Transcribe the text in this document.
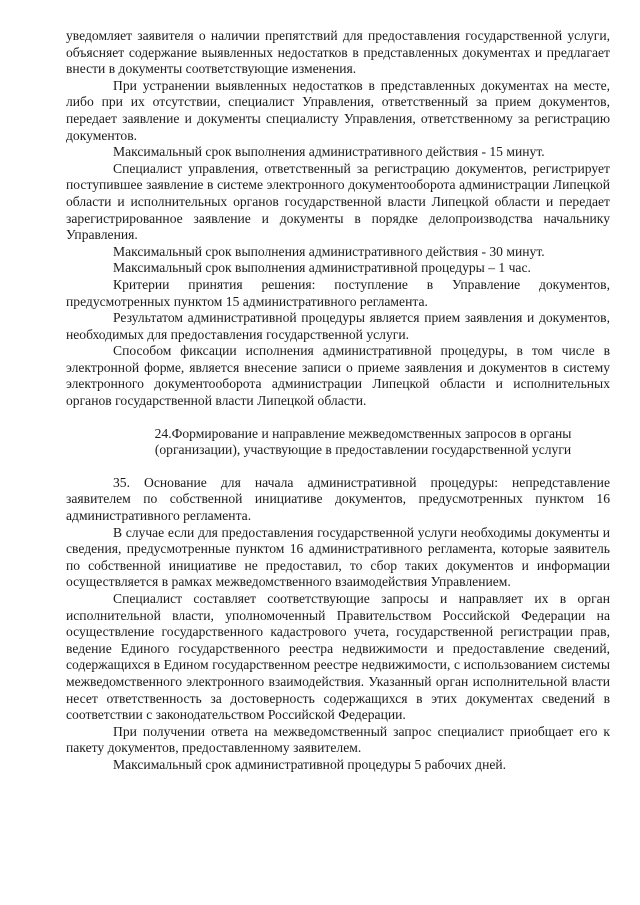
уведомляет заявителя о наличии препятствий для предоставления государственной услуги, объясняет содержание выявленных недостатков в представленных документах и предлагает внести в документы соответствующие изменения.

При устранении выявленных недостатков в представленных документах на месте, либо при их отсутствии, специалист Управления, ответственный за прием документов, передает заявление и документы специалисту Управления, ответственному за регистрацию документов.

Максимальный срок выполнения административного действия - 15 минут.

Специалист управления, ответственный за регистрацию документов, регистрирует поступившее заявление в системе электронного документооборота администрации Липецкой области и исполнительных органов государственной власти Липецкой области и передает зарегистрированное заявление и документы в порядке делопроизводства начальнику Управления.

Максимальный срок выполнения административного действия - 30 минут.

Максимальный срок выполнения административной процедуры – 1 час.

Критерии принятия решения: поступление в Управление документов, предусмотренных пунктом 15 административного регламента.

Результатом административной процедуры является прием заявления и документов, необходимых для предоставления государственной услуги.

Способом фиксации исполнения административной процедуры, в том числе в электронной форме, является внесение записи о приеме заявления и документов в систему электронного документооборота администрации Липецкой области и исполнительных органов государственной власти Липецкой области.

24.Формирование и направление межведомственных запросов в органы (организации), участвующие в предоставлении государственной услуги

35. Основание для начала административной процедуры: непредставление заявителем по собственной инициативе документов, предусмотренных пунктом 16 административного регламента.

В случае если для предоставления государственной услуги необходимы документы и сведения, предусмотренные пунктом 16 административного регламента, которые заявитель по собственной инициативе не предоставил, то сбор таких документов и информации осуществляется в рамках межведомственного взаимодействия Управлением.

Специалист составляет соответствующие запросы и направляет их в орган исполнительной власти, уполномоченный Правительством Российской Федерации на осуществление государственного кадастрового учета, государственной регистрации прав, ведение Единого государственного реестра недвижимости и предоставление сведений, содержащихся в Едином государственном реестре недвижимости, с использованием системы межведомственного электронного взаимодействия. Указанный орган исполнительной власти несет ответственность за достоверность содержащихся в этих документах сведений в соответствии с законодательством Российской Федерации.

При получении ответа на межведомственный запрос специалист приобщает его к пакету документов, предоставленному заявителем.

Максимальный срок административной процедуры 5 рабочих дней.
